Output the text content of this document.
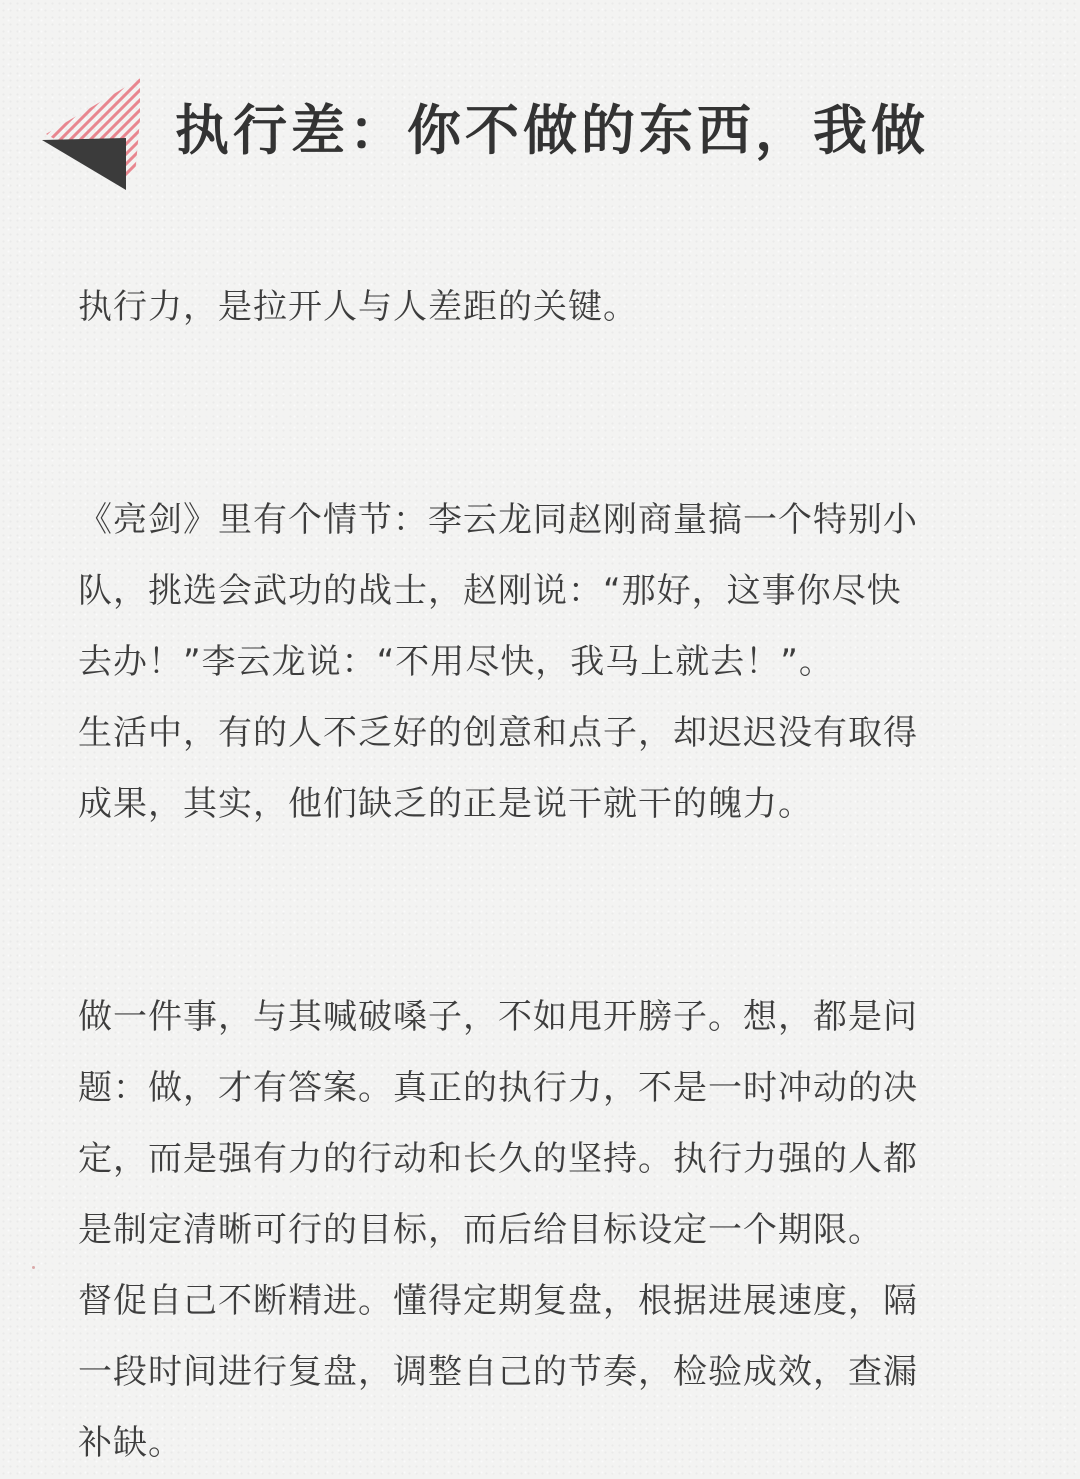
执行差：你不做的东西，我做

执行力，是拉开人与人差距的关键。

《亮剑》里有个情节：李云龙同赵刚商量搞一个特别小
队，挑选会武功的战士，赵刚说：“那好，这事你尽快
去办！”李云龙说：“不用尽快，我马上就去！”。
生活中，有的人不乏好的创意和点子，却迟迟没有取得
成果，其实，他们缺乏的正是说干就干的魄力。

做一件事，与其喊破嗓子，不如甩开膀子。想，都是问
题：做，才有答案。真正的执行力，不是一时冲动的决
定，而是强有力的行动和长久的坚持。执行力强的人都
是制定清晰可行的目标，而后给目标设定一个期限。
督促自己不断精进。懂得定期复盘，根据进展速度，隔
一段时间进行复盘，调整自己的节奏，检验成效，查漏
补缺。
